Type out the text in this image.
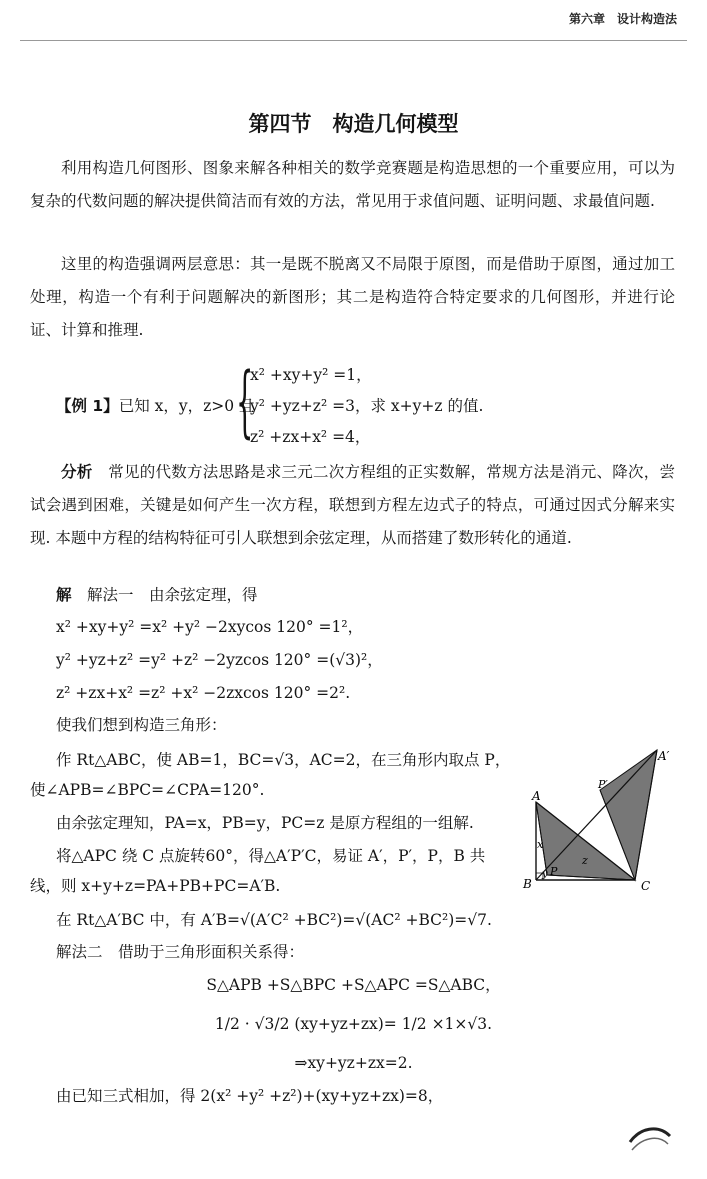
第六章　设计构造法
第四节　构造几何模型
利用构造几何图形、图象来解各种相关的数学竞赛题是构造思想的一个重要应用，可以为复杂的代数问题的解决提供简洁而有效的方法，常见用于求值问题、证明问题、求最值问题.
这里的构造强调两层意思：其一是既不脱离又不局限于原图，而是借助于原图，通过加工处理，构造一个有利于问题解决的新图形；其二是构造符合特定要求的几何图形，并进行论证、计算和推理.
【例 1】已知 x，y，z>0 且
{
x² +xy+y² =1，
y² +yz+z² =3，求 x+y+z 的值.
z² +zx+x² =4，
分析　 常见的代数方法思路是求三元二次方程组的正实数解，常规方法是消元、降次，尝试会遇到困难，关键是如何产生一次方程，联想到方程左边式子的特点，可通过因式分解来实现. 本题中方程的结构特征可引人联想到余弦定理，从而搭建了数形转化的通道.
解　 解法一　由余弦定理，得
x² +xy+y² =x² +y² −2xycos 120° =1²，
y² +yz+z² =y² +z² −2yzcos 120° =(√3)²，
z² +zx+x² =z² +x² −2zxcos 120° =2².
使我们想到构造三角形：
作 Rt△ABC，使 AB=1，BC=√3，AC=2，在三角形内取点 P，
使∠APB=∠BPC=∠CPA=120°.
由余弦定理知，PA=x，PB=y，PC=z 是原方程组的一组解.
将△APC 绕 C 点旋转60°，得△A′P′C，易证 A′，P′，P，B 共
线，则 x+y+z=PA+PB+PC=A′B.
在 Rt△A′BC 中，有 A′B=√(A′C² +BC²)=√(AC² +BC²)=√7.
解法二　借助于三角形面积关系得：
S△APB +S△BPC +S△APC =S△ABC，
1/2 · √3/2 (xy+yz+zx)= 1/2 ×1×√3.
⇒xy+yz+zx=2.
由已知三式相加，得 2(x² +y² +z²)+(xy+yz+zx)=8，
A
A′
B	C
P
P′
x
y
z
